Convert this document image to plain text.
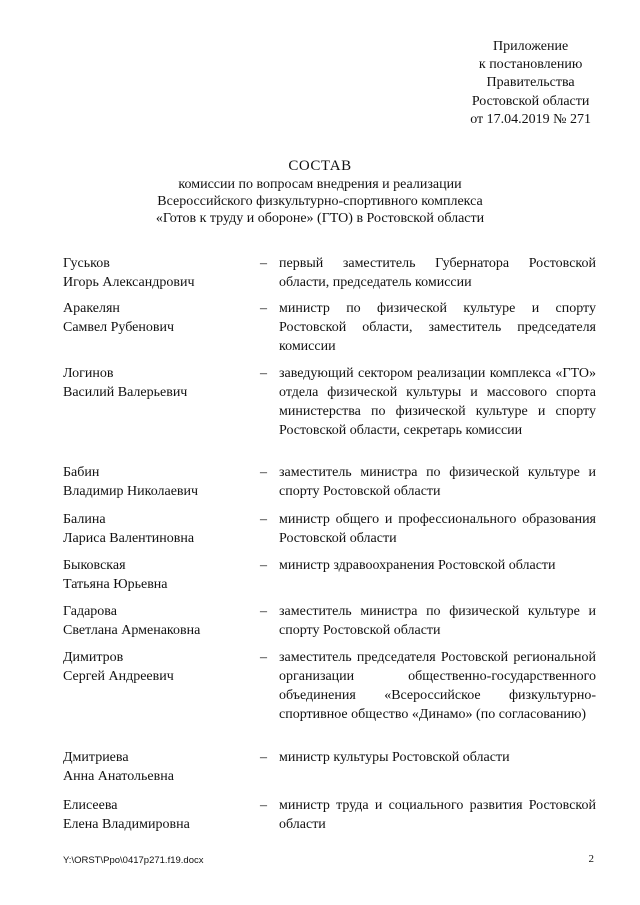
Приложение
к постановлению
Правительства
Ростовской области
от 17.04.2019 № 271
СОСТАВ
комиссии по вопросам внедрения и реализации
Всероссийского физкультурно-спортивного комплекса
«Готов к труду и обороне» (ГТО) в Ростовской области
Гуськов
Игорь Александрович
– первый заместитель Губернатора Ростовской области, председатель комиссии
Аракелян
Самвел Рубенович
– министр по физической культуре и спорту Ростовской области, заместитель председателя комиссии
Логинов
Василий Валерьевич
– заведующий сектором реализации комплекса «ГТО» отдела физической культуры и массового спорта министерства по физической культуре и спорту Ростовской области, секретарь комиссии
Бабин
Владимир Николаевич
– заместитель министра по физической культуре и спорту Ростовской области
Балина
Лариса Валентиновна
– министр общего и профессионального образования Ростовской области
Быковская
Татьяна Юрьевна
– министр здравоохранения Ростовской области
Гадарова
Светлана Арменаковна
– заместитель министра по физической культуре и спорту Ростовской области
Димитров
Сергей Андреевич
– заместитель председателя Ростовской региональной организации общественно-государственного объединения «Всероссийское физкультурно-спортивное общество «Динамо» (по согласованию)
Дмитриева
Анна Анатольевна
– министр культуры Ростовской области
Елисеева
Елена Владимировна
– министр труда и социального развития Ростовской области
Y:\ORST\Ppo\0417p271.f19.docx	2
